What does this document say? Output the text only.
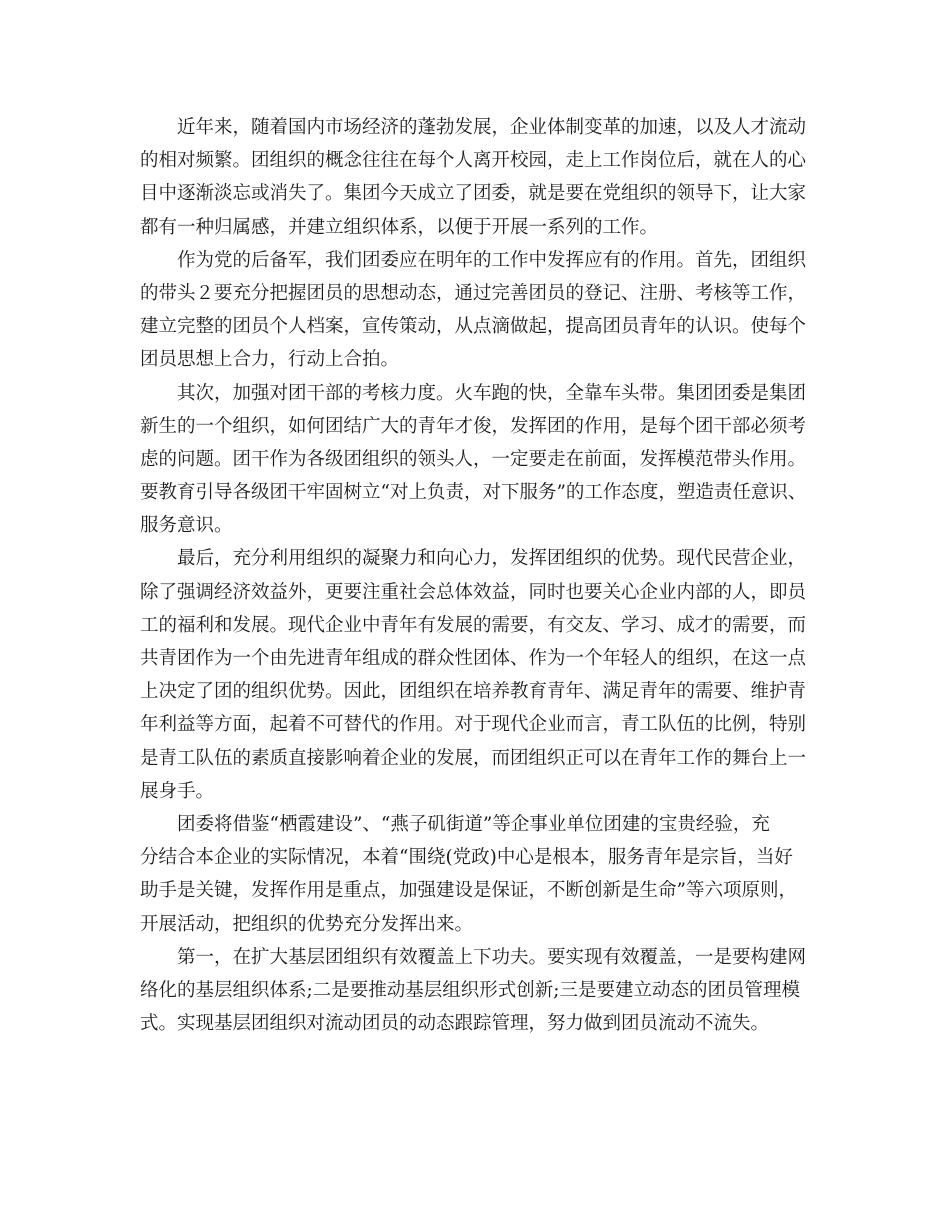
近年来，随着国内市场经济的蓬勃发展，企业体制变革的加速，以及人才流动
的相对频繁。团组织的概念往往在每个人离开校园，走上工作岗位后，就在人的心
目中逐渐淡忘或消失了。集团今天成立了团委，就是要在党组织的领导下，让大家
都有一种归属感，并建立组织体系，以便于开展一系列的工作。
作为党的后备军，我们团委应在明年的工作中发挥应有的作用。首先，团组织
的带头２要充分把握团员的思想动态，通过完善团员的登记、注册、考核等工作，
建立完整的团员个人档案，宣传策动，从点滴做起，提高团员青年的认识。使每个
团员思想上合力，行动上合拍。
其次，加强对团干部的考核力度。火车跑的快，全靠车头带。集团团委是集团
新生的一个组织，如何团结广大的青年才俊，发挥团的作用，是每个团干部必须考
虑的问题。团干作为各级团组织的领头人，一定要走在前面，发挥模范带头作用。
要教育引导各级团干牢固树立“对上负责，对下服务”的工作态度，塑造责任意识、
服务意识。
最后，充分利用组织的凝聚力和向心力，发挥团组织的优势。现代民营企业，
除了强调经济效益外，更要注重社会总体效益，同时也要关心企业内部的人，即员
工的福利和发展。现代企业中青年有发展的需要，有交友、学习、成才的需要，而
共青团作为一个由先进青年组成的群众性团体、作为一个年轻人的组织，在这一点
上决定了团的组织优势。因此，团组织在培养教育青年、满足青年的需要、维护青
年利益等方面，起着不可替代的作用。对于现代企业而言，青工队伍的比例，特别
是青工队伍的素质直接影响着企业的发展，而团组织正可以在青年工作的舞台上一
展身手。
团委将借鉴“栖霞建设”、“燕子矶街道”等企事业单位团建的宝贵经验，充
分结合本企业的实际情况，本着“围绕(党政)中心是根本，服务青年是宗旨，当好
助手是关键，发挥作用是重点，加强建设是保证，不断创新是生命”等六项原则，
开展活动，把组织的优势充分发挥出来。
第一，在扩大基层团组织有效覆盖上下功夫。要实现有效覆盖，一是要构建网
络化的基层组织体系;二是要推动基层组织形式创新;三是要建立动态的团员管理模
式。实现基层团组织对流动团员的动态跟踪管理，努力做到团员流动不流失。
